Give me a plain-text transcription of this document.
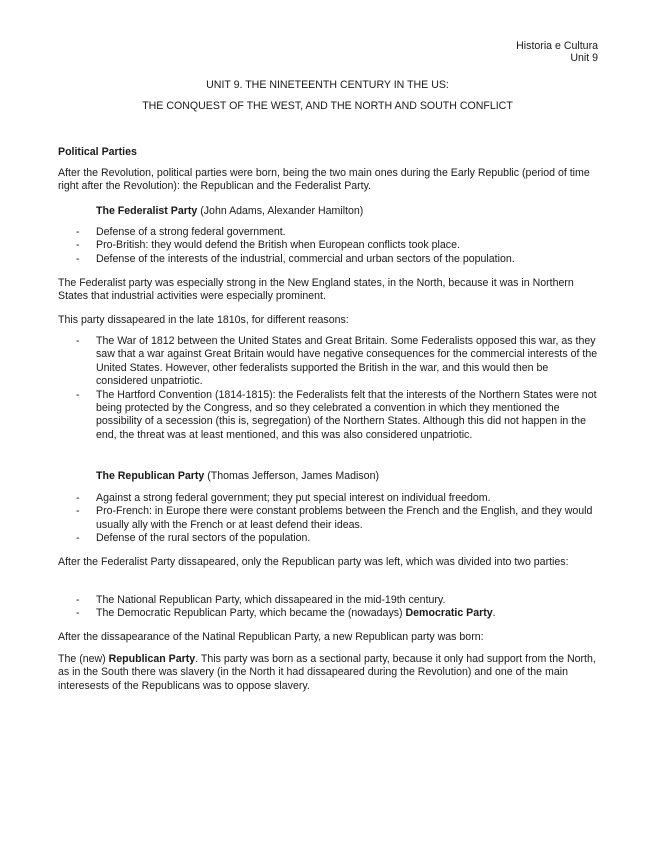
Historia e Cultura
Unit 9
UNIT 9. THE NINETEENTH CENTURY IN THE US:
THE CONQUEST OF THE WEST, AND THE NORTH AND SOUTH CONFLICT
Political Parties
After the Revolution, political parties were born, being the two main ones during the Early Republic (period of time right after the Revolution): the Republican and the Federalist Party.
The Federalist Party (John Adams, Alexander Hamilton)
- Defense of a strong federal government.
- Pro-British: they would defend the British when European conflicts took place.
- Defense of the interests of the industrial, commercial and urban sectors of the population.
The Federalist party was especially strong in the New England states, in the North, because it was in Northern States that industrial activities were especially prominent.
This party dissapeared in the late 1810s, for different reasons:
- The War of 1812 between the United States and Great Britain. Some Federalists opposed this war, as they saw that a war against Great Britain would have negative consequences for the commercial interests of the United States. However, other federalists supported the British in the war, and this would then be considered unpatriotic.
- The Hartford Convention (1814-1815): the Federalists felt that the interests of the Northern States were not being protected by the Congress, and so they celebrated a convention in which they mentioned the possibility of a secession (this is, segregation) of the Northern States. Although this did not happen in the end, the threat was at least mentioned, and this was also considered unpatriotic.
The Republican Party (Thomas Jefferson, James Madison)
- Against a strong federal government; they put special interest on individual freedom.
- Pro-French: in Europe there were constant problems between the French and the English, and they would usually ally with the French or at least defend their ideas.
- Defense of the rural sectors of the population.
After the Federalist Party dissapeared, only the Republican party was left, which was divided into two parties:
- The National Republican Party, which dissapeared in the mid-19th century.
- The Democratic Republican Party, which became the (nowadays) Democratic Party.
After the dissapearance of the Natinal Republican Party, a new Republican party was born:
The (new) Republican Party. This party was born as a sectional party, because it only had support from the North, as in the South there was slavery (in the North it had dissapeared during the Revolution) and one of the main interesests of the Republicans was to oppose slavery.
